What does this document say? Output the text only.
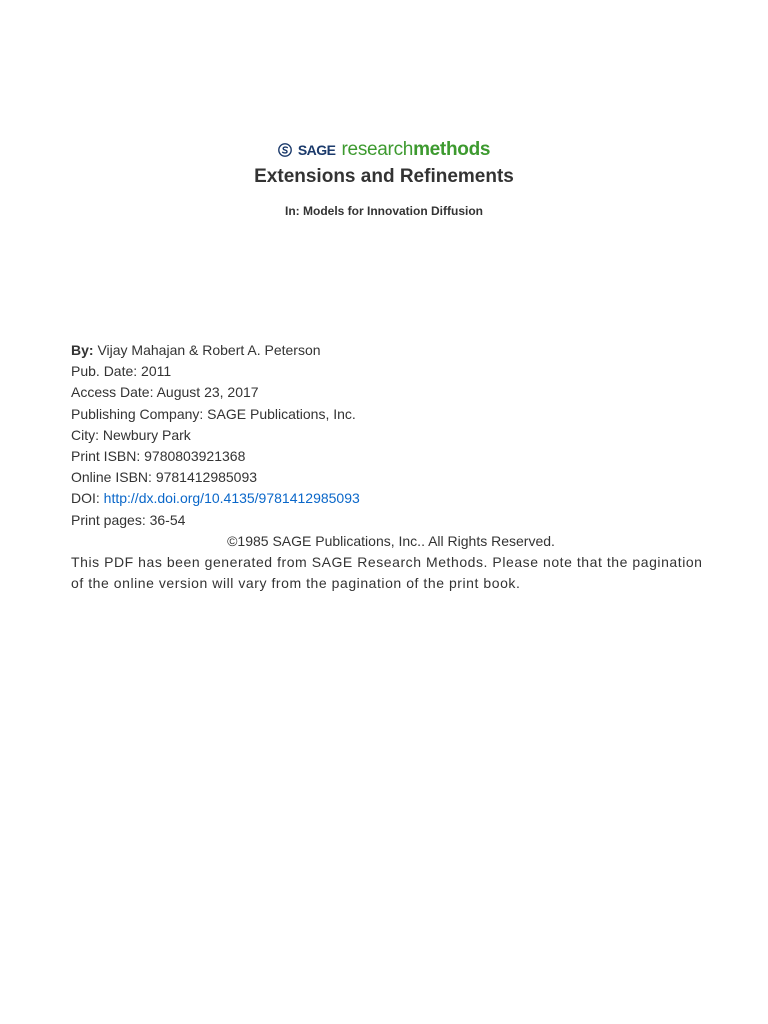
SAGE research methods
Extensions and Refinements
In: Models for Innovation Diffusion
By: Vijay Mahajan & Robert A. Peterson
Pub. Date: 2011
Access Date: August 23, 2017
Publishing Company: SAGE Publications, Inc.
City: Newbury Park
Print ISBN: 9780803921368
Online ISBN: 9781412985093
DOI: http://dx.doi.org/10.4135/9781412985093
Print pages: 36-54
©1985 SAGE Publications, Inc.. All Rights Reserved.
This PDF has been generated from SAGE Research Methods. Please note that the pagination of the online version will vary from the pagination of the print book.
